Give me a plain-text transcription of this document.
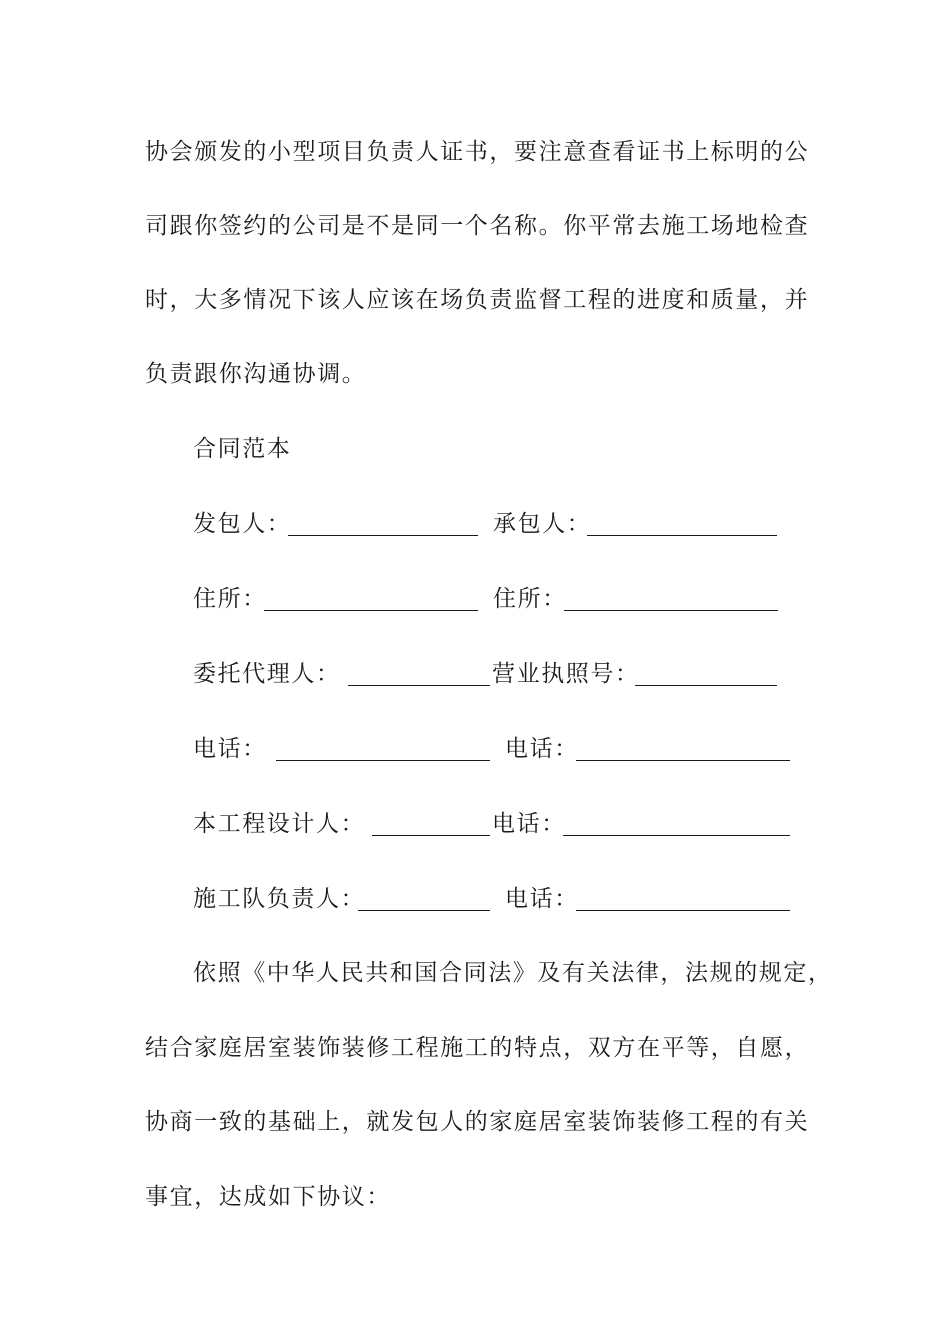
协会颁发的小型项目负责人证书，要注意查看证书上标明的公
司跟你签约的公司是不是同一个名称。你平常去施工场地检查
时，大多情况下该人应该在场负责监督工程的进度和质量，并
负责跟你沟通协调。
合同范本
发包人：	承包人：
住所：	住所：
委托代理人：	营业执照号：
电话：	电话：
本工程设计人：	电话：
施工队负责人：	电话：
依照《中华人民共和国合同法》及有关法律，法规的规定，
结合家庭居室装饰装修工程施工的特点，双方在平等，自愿，
协商一致的基础上，就发包人的家庭居室装饰装修工程的有关
事宜，达成如下协议：
